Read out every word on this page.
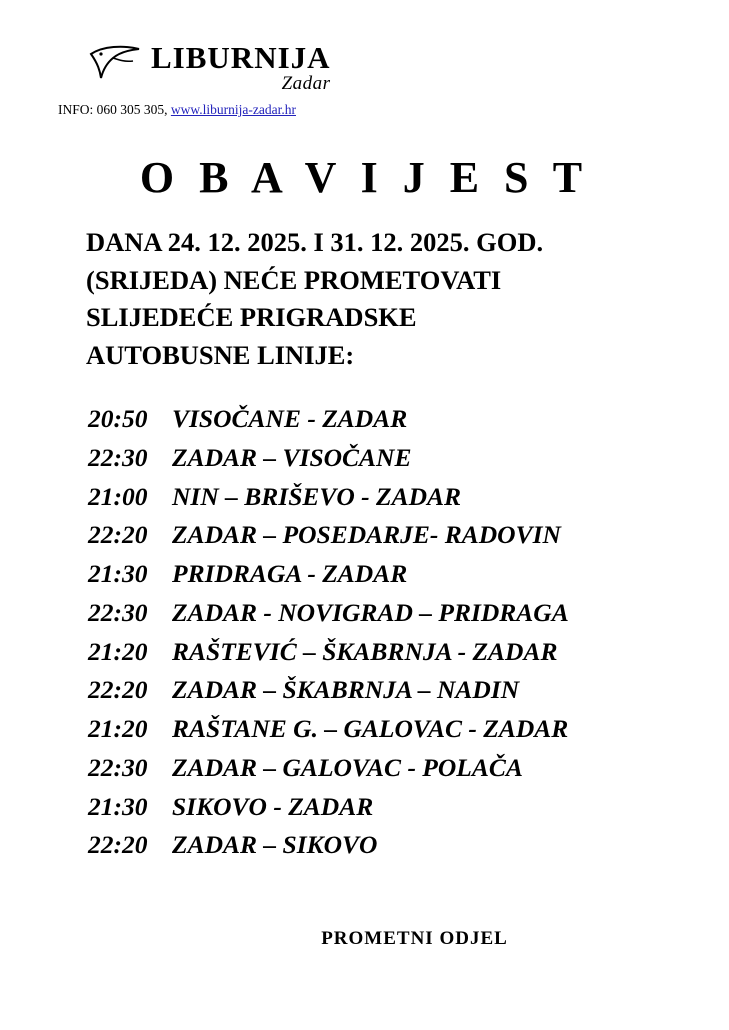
LIBURNIJA
Zadar
INFO: 060 305 305, www.liburnija-zadar.hr
O B A V I J E S T
DANA 24. 12. 2025. I 31. 12. 2025. GOD.
(SRIJEDA) NEĆE PROMETOVATI
SLIJEDEĆE PRIGRADSKE
AUTOBUSNE LINIJE:
20:50 VISOČANE - ZADAR
22:30 ZADAR – VISOČANE
21:00 NIN – BRIŠEVO - ZADAR
22:20 ZADAR – POSEDARJE- RADOVIN
21:30 PRIDRAGA - ZADAR
22:30 ZADAR - NOVIGRAD – PRIDRAGA
21:20 RAŠTEVIĆ – ŠKABRNJA - ZADAR
22:20 ZADAR – ŠKABRNJA – NADIN
21:20 RAŠTANE G. – GALOVAC - ZADAR
22:30 ZADAR – GALOVAC - POLAČA
21:30 SIKOVO - ZADAR
22:20 ZADAR – SIKOVO
PROMETNI ODJEL
